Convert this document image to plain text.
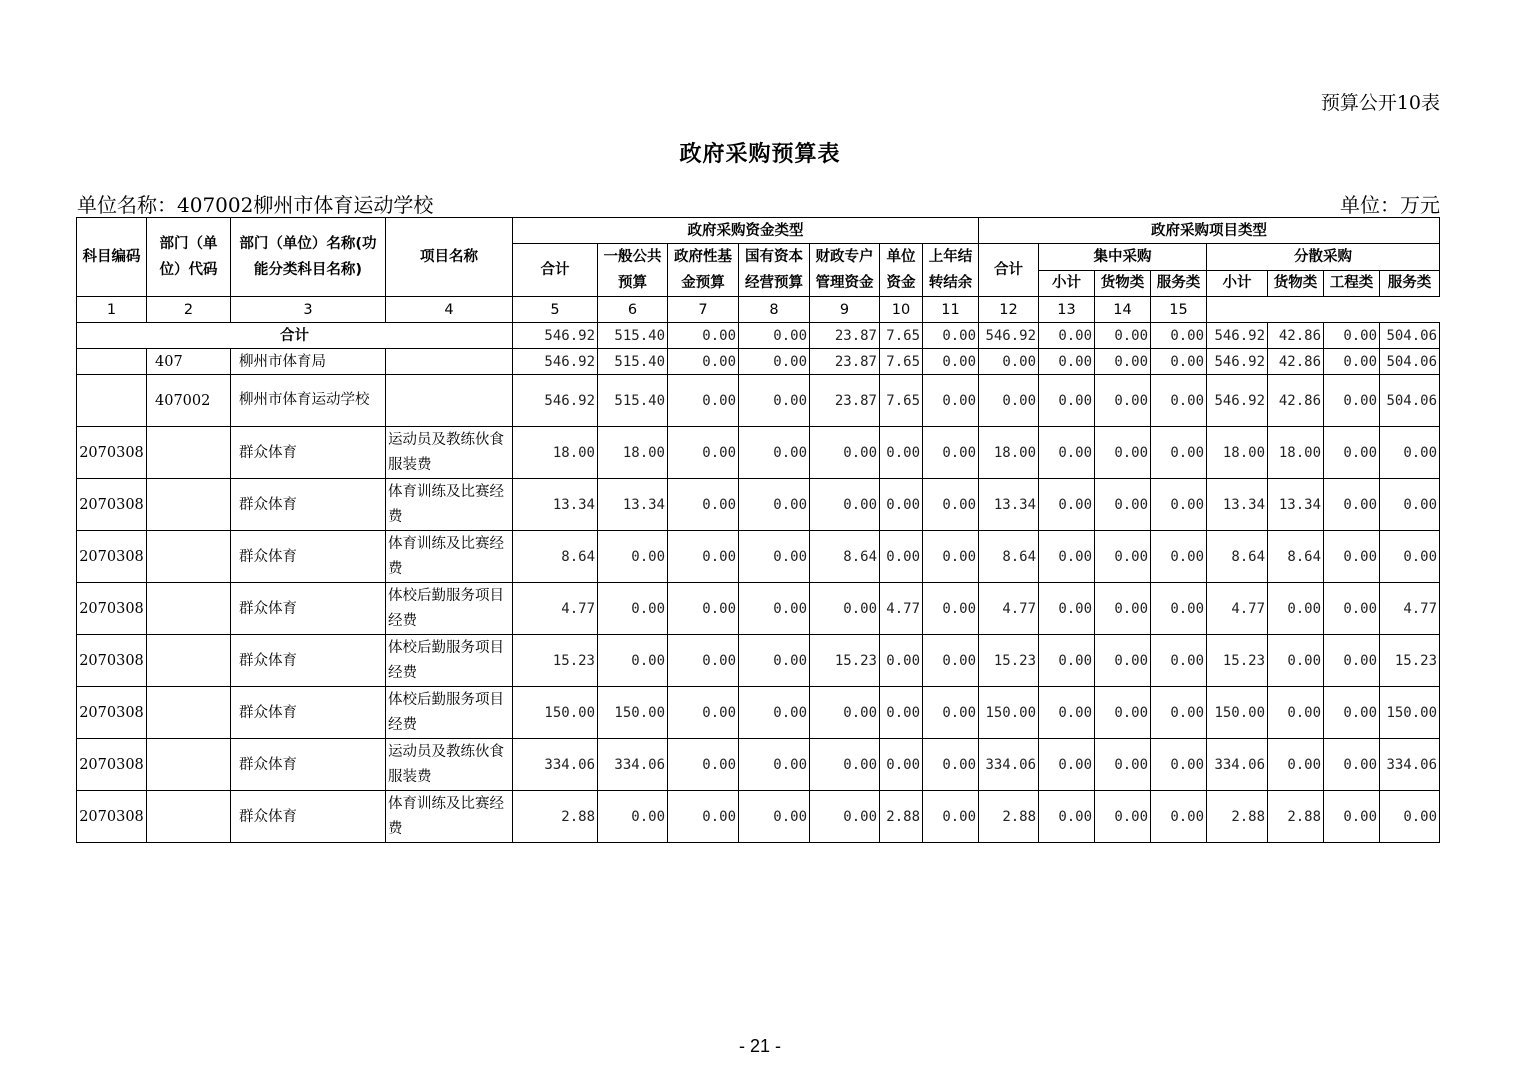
预算公开10表
政府采购预算表
单位名称：407002柳州市体育运动学校	单位：万元
科目编码	部门（单位）代码	部门（单位）名称(功能分类科目名称)	项目名称	政府采购资金类型							政府采购项目类型							
				合计	一般公共预算	政府性基金预算	国有资本经营预算	财政专户管理资金	单位资金	上年结转结余	合计	集中采购			分散采购			
												小计	货物类	服务类	小计	货物类	工程类	服务类
1	2	3	4	5	6	7	8	9	10	11	12	13	14	15				
合计				546.92	515.40	0.00	0.00	23.87	7.65	0.00	546.92	0.00	0.00	0.00	546.92	42.86	0.00	504.06
	407	柳州市体育局		546.92	515.40	0.00	0.00	23.87	7.65	0.00	0.00	0.00	0.00	0.00	546.92	42.86	0.00	504.06
	407002	柳州市体育运动学校		546.92	515.40	0.00	0.00	23.87	7.65	0.00	0.00	0.00	0.00	0.00	546.92	42.86	0.00	504.06
2070308		群众体育	运动员及教练伙食服装费	18.00	18.00	0.00	0.00	0.00	0.00	0.00	18.00	0.00	0.00	0.00	18.00	18.00	0.00	0.00
2070308		群众体育	体育训练及比赛经费	13.34	13.34	0.00	0.00	0.00	0.00	0.00	13.34	0.00	0.00	0.00	13.34	13.34	0.00	0.00
2070308		群众体育	体育训练及比赛经费	8.64	0.00	0.00	0.00	8.64	0.00	0.00	8.64	0.00	0.00	0.00	8.64	8.64	0.00	0.00
2070308		群众体育	体校后勤服务项目经费	4.77	0.00	0.00	0.00	0.00	4.77	0.00	4.77	0.00	0.00	0.00	4.77	0.00	0.00	4.77
2070308		群众体育	体校后勤服务项目经费	15.23	0.00	0.00	0.00	15.23	0.00	0.00	15.23	0.00	0.00	0.00	15.23	0.00	0.00	15.23
2070308		群众体育	体校后勤服务项目经费	150.00	150.00	0.00	0.00	0.00	0.00	0.00	150.00	0.00	0.00	0.00	150.00	0.00	0.00	150.00
2070308		群众体育	运动员及教练伙食服装费	334.06	334.06	0.00	0.00	0.00	0.00	0.00	334.06	0.00	0.00	0.00	334.06	0.00	0.00	334.06
2070308		群众体育	体育训练及比赛经费	2.88	0.00	0.00	0.00	0.00	2.88	0.00	2.88	0.00	0.00	0.00	2.88	2.88	0.00	0.00
- 21 -
